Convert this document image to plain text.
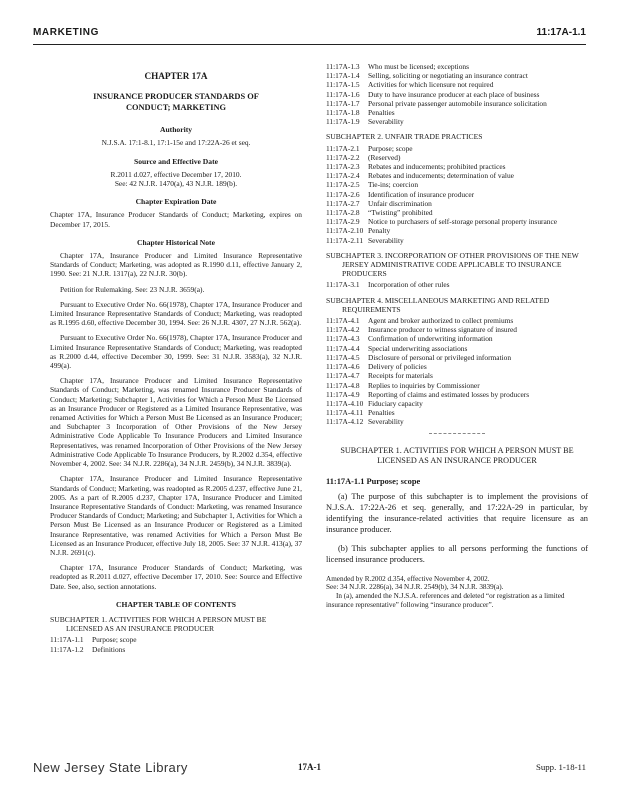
MARKETING	11:17A-1.1
CHAPTER 17A
INSURANCE PRODUCER STANDARDS OF CONDUCT; MARKETING
Authority
N.J.S.A. 17:1-8.1, 17:1-15e and 17:22A-26 et seq.
Source and Effective Date
R.2011 d.027, effective December 17, 2010.
See: 42 N.J.R. 1470(a), 43 N.J.R. 189(b).
Chapter Expiration Date
Chapter 17A, Insurance Producer Standards of Conduct; Marketing, expires on December 17, 2015.
Chapter Historical Note
Chapter 17A, Insurance Producer and Limited Insurance Representative Standards of Conduct; Marketing, was adopted as R.1990 d.11, effective January 2, 1990. See: 21 N.J.R. 1317(a), 22 N.J.R. 30(b).
Petition for Rulemaking. See: 23 N.J.R. 3659(a).
Pursuant to Executive Order No. 66(1978), Chapter 17A, Insurance Producer and Limited Insurance Representative Standards of Conduct; Marketing, was readopted as R.1995 d.60, effective December 30, 1994. See: 26 N.J.R. 4307, 27 N.J.R. 562(a).
Pursuant to Executive Order No. 66(1978), Chapter 17A, Insurance Producer and Limited Insurance Representative Standards of Conduct; Marketing, was readopted as R.2000 d.44, effective December 30, 1999. See: 31 N.J.R. 3583(a), 32 N.J.R. 499(a).
Chapter 17A, Insurance Producer and Limited Insurance Representative Standards of Conduct; Marketing, was renamed Insurance Producer Standards of Conduct; Marketing; Subchapter 1, Activities for Which a Person Must Be Licensed as an Insurance Producer or Registered as a Limited Insurance Representative, was renamed Activities for Which a Person Must Be Licensed as an Insurance Producer; and Subchapter 3 Incorporation of Other Provisions of the New Jersey Administrative Code Applicable To Insurance Producers and Limited Insurance Representatives, was renamed Incorporation of Other Provisions of the New Jersey Administrative Code Applicable To Insurance Producers, by R.2002 d.354, effective November 4, 2002. See: 34 N.J.R. 2286(a), 34 N.J.R. 2459(b), 34 N.J.R. 3839(a).
Chapter 17A, Insurance Producer and Limited Insurance Representative Standards of Conduct; Marketing, was readopted as R.2005 d.237, effective June 21, 2005. As a part of R.2005 d.237, Chapter 17A, Insurance Producer and Limited Insurance Representative Standards of Conduct: Marketing, was renamed Insurance Producer Standards of Conduct; Marketing; and Subchapter 1, Activities for Which a Person Must Be Licensed as an Insurance Producer or Registered as a Limited Insurance Representative, was renamed Activities for Which a Person Must Be Licensed as an Insurance Producer, effective July 18, 2005. See: 37 N.J.R. 413(a), 37 N.J.R. 2691(c).
Chapter 17A, Insurance Producer Standards of Conduct; Marketing, was readopted as R.2011 d.027, effective December 17, 2010. See: Source and Effective Date. See, also, section annotations.
CHAPTER TABLE OF CONTENTS
SUBCHAPTER 1. ACTIVITIES FOR WHICH A PERSON MUST BE LICENSED AS AN INSURANCE PRODUCER
11:17A-1.1	Purpose; scope
11:17A-1.2	Definitions
11:17A-1.3	Who must be licensed; exceptions
11:17A-1.4	Selling, soliciting or negotiating an insurance contract
11:17A-1.5	Activities for which licensure not required
11:17A-1.6	Duty to have insurance producer at each place of business
11:17A-1.7	Personal private passenger automobile insurance solicitation
11:17A-1.8	Penalties
11:17A-1.9	Severability
SUBCHAPTER 2. UNFAIR TRADE PRACTICES
11:17A-2.1	Purpose; scope
11:17A-2.2	(Reserved)
11:17A-2.3	Rebates and inducements; prohibited practices
11:17A-2.4	Rebates and inducements; determination of value
11:17A-2.5	Tie-ins; coercion
11:17A-2.6	Identification of insurance producer
11:17A-2.7	Unfair discrimination
11:17A-2.8	“Twisting” prohibited
11:17A-2.9	Notice to purchasers of self-storage personal property insurance
11:17A-2.10 Penalty
11:17A-2.11 Severability
SUBCHAPTER 3. INCORPORATION OF OTHER PROVISIONS OF THE NEW JERSEY ADMINISTRATIVE CODE APPLICABLE TO INSURANCE PRODUCERS
11:17A-3.1	Incorporation of other rules
SUBCHAPTER 4. MISCELLANEOUS MARKETING AND RELATED REQUIREMENTS
11:17A-4.1	Agent and broker authorized to collect premiums
11:17A-4.2	Insurance producer to witness signature of insured
11:17A-4.3	Confirmation of underwriting information
11:17A-4.4	Special underwriting associations
11:17A-4.5	Disclosure of personal or privileged information
11:17A-4.6	Delivery of policies
11:17A-4.7	Receipts for materials
11:17A-4.8	Replies to inquiries by Commissioner
11:17A-4.9	Reporting of claims and estimated losses by producers
11:17A-4.10 Fiduciary capacity
11:17A-4.11 Penalties
11:17A-4.12 Severability
SUBCHAPTER 1. ACTIVITIES FOR WHICH A PERSON MUST BE LICENSED AS AN INSURANCE PRODUCER
11:17A-1.1 Purpose; scope
(a) The purpose of this subchapter is to implement the provisions of N.J.S.A. 17:22A-26 et seq. generally, and 17:22A-29 in particular, by identifying the insurance-related activities that require licensure as an insurance producer.
(b) This subchapter applies to all persons performing the functions of licensed insurance producers.
Amended by R.2002 d.354, effective November 4, 2002.
See: 34 N.J.R. 2286(a), 34 N.J.R. 2549(b), 34 N.J.R. 3839(a).
In (a), amended the N.J.S.A. references and deleted “or registration as a limited insurance representative” following “insurance producer”.
New Jersey State Library	17A-1	Supp. 1-18-11
